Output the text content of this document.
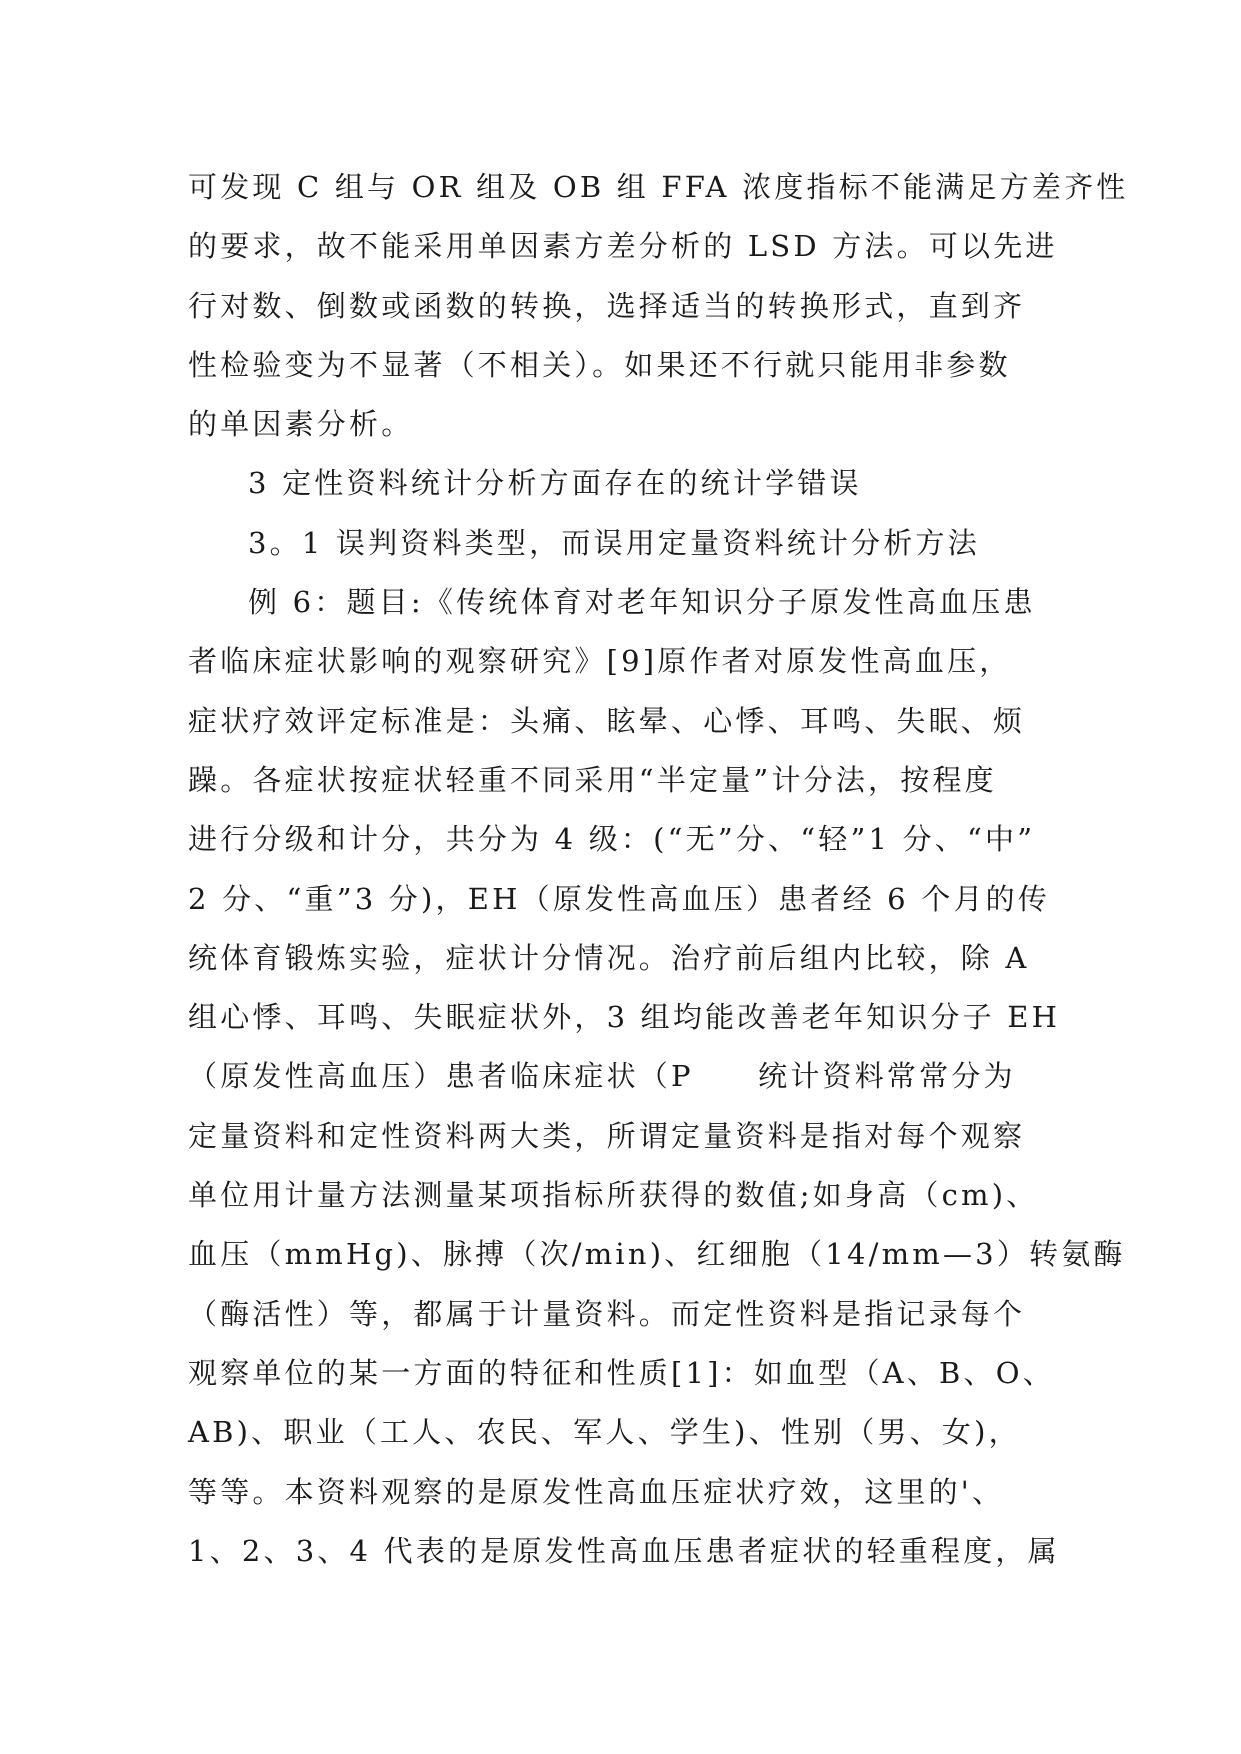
可发现 C 组与 OR 组及 OB 组 FFA 浓度指标不能满足方差齐性
的要求，故不能采用单因素方差分析的 LSD 方法。可以先进
行对数、倒数或函数的转换，选择适当的转换形式，直到齐
性检验变为不显著（不相关）。如果还不行就只能用非参数
的单因素分析。
3 定性资料统计分析方面存在的统计学错误
3。1 误判资料类型，而误用定量资料统计分析方法
例 6：题目:《传统体育对老年知识分子原发性高血压患
者临床症状影响的观察研究》[9]原作者对原发性高血压，
症状疗效评定标准是：头痛、眩晕、心悸、耳鸣、失眠、烦
躁。各症状按症状轻重不同采用“半定量”计分法，按程度
进行分级和计分，共分为 4 级：(“无”分、“轻”1 分、“中”
2 分、“重”3 分)，EH（原发性高血压）患者经 6 个月的传
统体育锻炼实验，症状计分情况。治疗前后组内比较，除 A
组心悸、耳鸣、失眠症状外，3 组均能改善老年知识分子 EH
（原发性高血压）患者临床症状（P　　统计资料常常分为
定量资料和定性资料两大类，所谓定量资料是指对每个观察
单位用计量方法测量某项指标所获得的数值;如身高（cm)、
血压（mmHg)、脉搏（次/min)、红细胞（14/mm—3）转氨酶
（酶活性）等，都属于计量资料。而定性资料是指记录每个
观察单位的某一方面的特征和性质[1]：如血型（A、B、O、
AB)、职业（工人、农民、军人、学生)、性别（男、女)，
等等。本资料观察的是原发性高血压症状疗效，这里的'、
1、2、3、4 代表的是原发性高血压患者症状的轻重程度，属
